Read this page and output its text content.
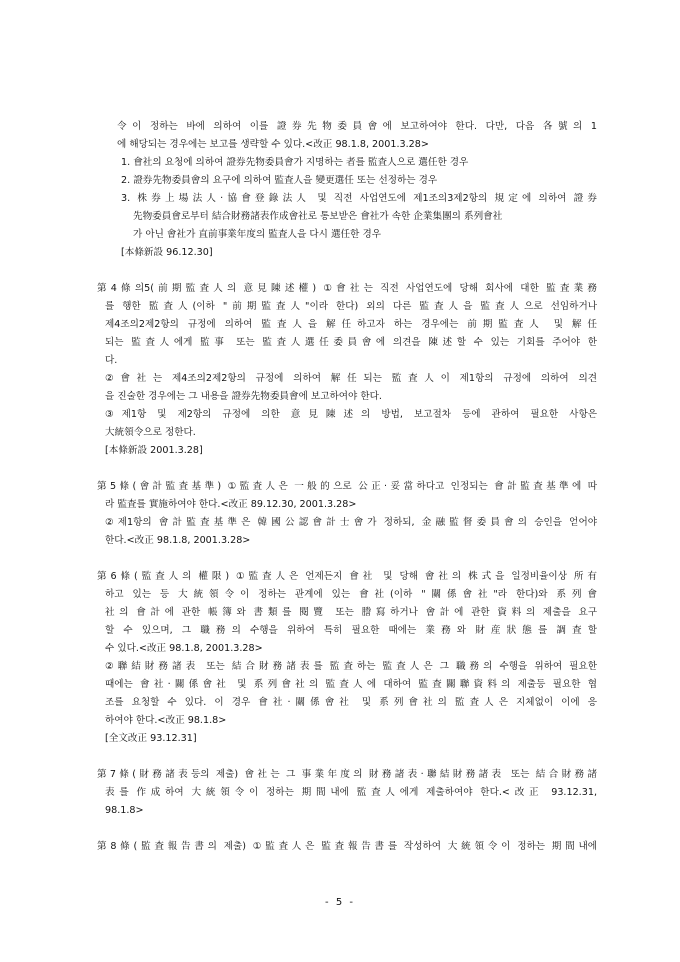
令이 정하는 바에 의하여 이를 證券先物委員會에 보고하여야 한다. 다만, 다음 各號의 1
에 해당되는 경우에는 보고를 생략할 수 있다.<改正 98.1.8, 2001.3.28>
1. 會社의 요청에 의하여 證券先物委員會가 지명하는 者를 監査人으로 選任한 경우
2. 證券先物委員會의 요구에 의하여 監査人을 變更選任 또는 선정하는 경우
3. 株券上場法人·協會登錄法人 및 직전 사업연도에 제1조의3제2항의 規定에 의하여 證券
先物委員會로부터 結合財務諸表作成會社로 통보받은 會社가 속한 企業集團의 系列會社
가 아닌 會社가 直前事業年度의 監査人을 다시 選任한 경우
[本條新設 96.12.30]
第4條의5(前期監査人의 意見陳述權) ①會社는 직전 사업연도에 당해 회사에 대한 監査業務
를 행한 監査人(이하 "前期監査人"이라 한다) 외의 다른 監査人을 監査人으로 선임하거나
제4조의2제2항의 규정에 의하여 監査人을 解任하고자 하는 경우에는 前期監査人 및 解任
되는 監査人에게 監事 또는 監査人選任委員會에 의견을 陳述할 수 있는 기회를 주어야 한
다.
②會社는 제4조의2제2항의 규정에 의하여 解任되는 監査人이 제1항의 규정에 의하여 의견
을 진술한 경우에는 그 내용을 證券先物委員會에 보고하여야 한다.
③제1항 및 제2항의 규정에 의한 意見陳述의 방법, 보고절차 등에 관하여 필요한 사항은
大統領令으로 정한다.
[本條新設 2001.3.28]
第5條(會計監査基準) ①監査人은 一般的으로 公正·妥當하다고 인정되는 會計監査基準에 따
라 監査를 實施하여야 한다.<改正 89.12.30, 2001.3.28>
②제1항의 會計監査基準은 韓國公認會計士會가 정하되, 金融監督委員會의 승인을 얻어야
한다.<改正 98.1.8, 2001.3.28>
第6條(監査人의 權限) ①監査人은 언제든지 會社 및 당해 會社의 株式을 일정비율이상 所有
하고 있는 등 大統領令이 정하는 관계에 있는 會社(이하 "關係會社"라 한다)와 系列會
社의 會計에 관한 帳簿와 書類를 閱覽 또는 謄寫하거나 會計에 관한 資料의 제출을 요구
할 수 있으며, 그 職務의 수행을 위하여 특히 필요한 때에는 業務와 財産狀態를 調査할
수 있다.<改正 98.1.8, 2001.3.28>
②聯結財務諸表 또는 結合財務諸表를 監査하는 監査人은 그 職務의 수행을 위하여 필요한
때에는 會社·關係會社 및 系列會社의 監査人에 대하여 監査關聯資料의 제출등 필요한 협
조를 요청할 수 있다. 이 경우 會社·關係會社 및 系列會社의 監査人은 지체없이 이에 응
하여야 한다.<改正 98.1.8>
[全文改正 93.12.31]
第7條(財務諸表등의 제출) 會社는 그 事業年度의 財務諸表·聯結財務諸表 또는 結合財務諸
表를 作成하여 大統領令이 정하는 期間내에 監査人에게 제출하여야 한다.<改正 93.12.31,
98.1.8>
第8條(監査報告書의 제출) ①監査人은 監査報告書를 작성하여 大統領令이 정하는 期間내에
- 5 -
